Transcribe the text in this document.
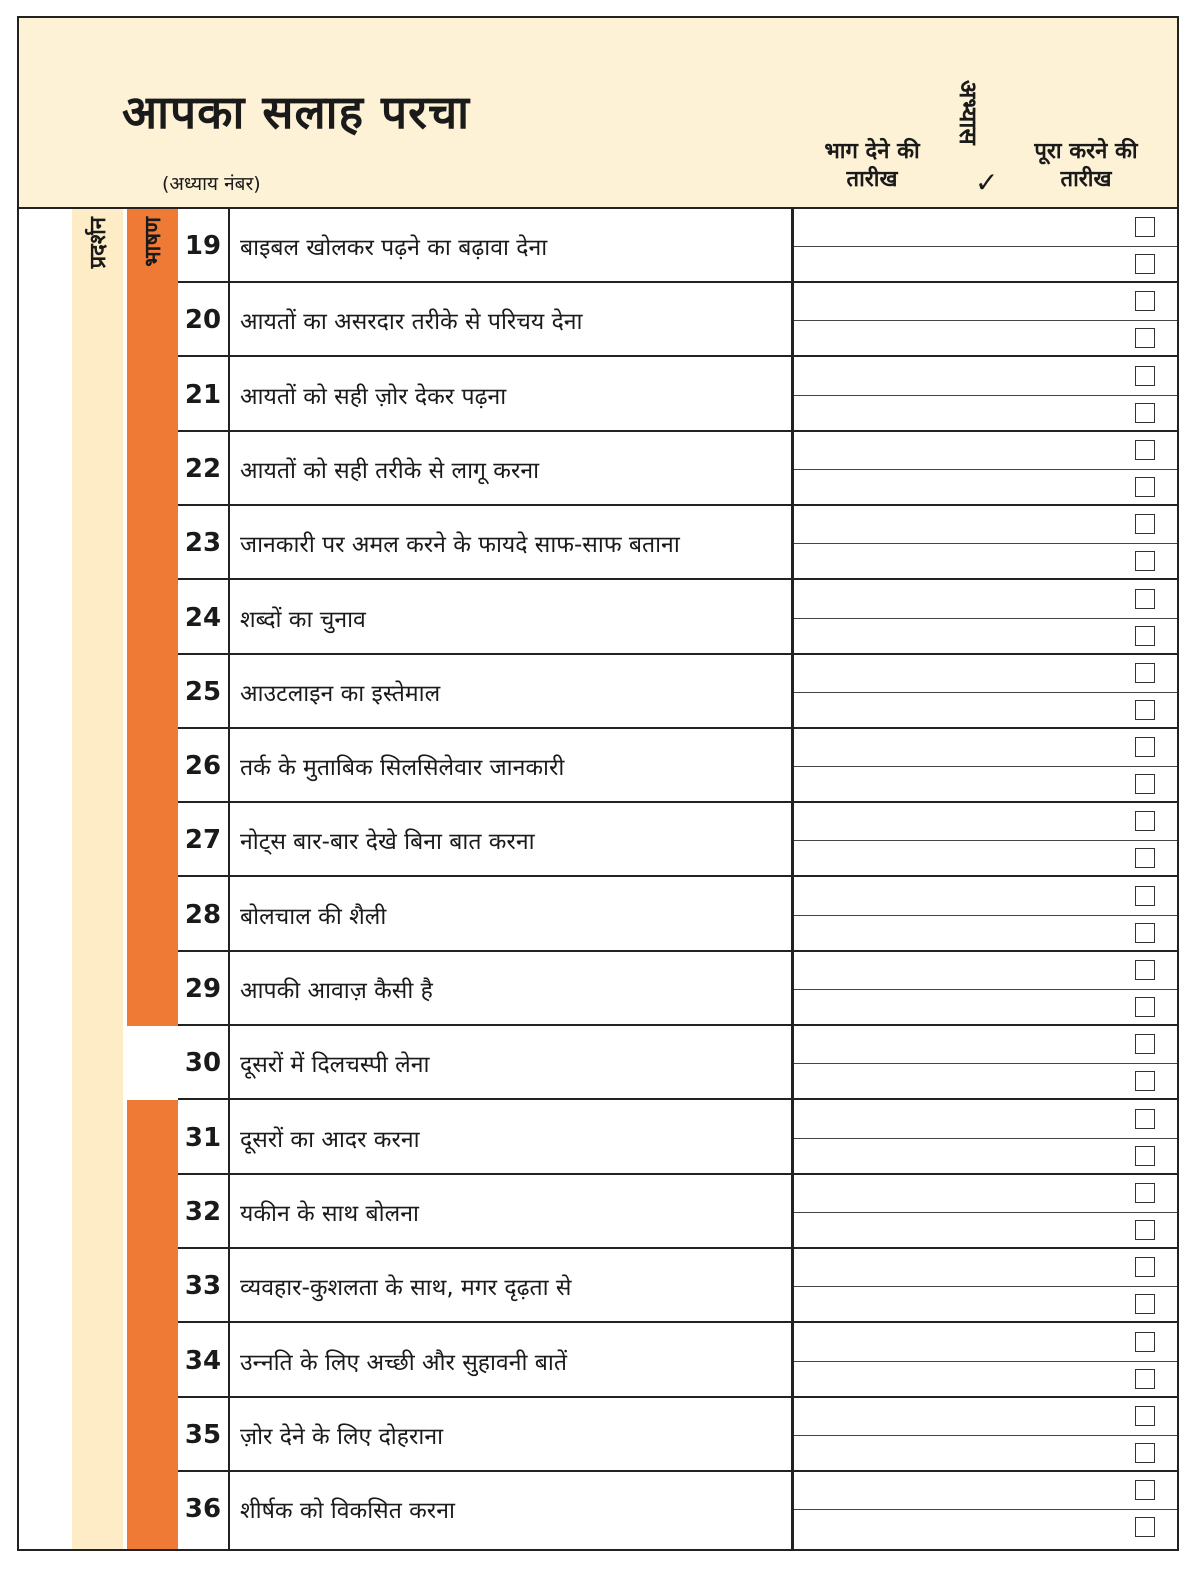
आपका सलाह परचा
(अध्याय नंबर)
भाग देने की
तारीख
अभ्यास
✓
पूरा करने की
तारीख
प्रदर्शन भाषण 19 बाइबल खोलकर पढ़ने का बढ़ावा देना
20 आयतों का असरदार तरीके से परिचय देना
21 आयतों को सही ज़ोर देकर पढ़ना
22 आयतों को सही तरीके से लागू करना
23 जानकारी पर अमल करने के फायदे साफ-साफ बताना
24 शब्दों का चुनाव
25 आउटलाइन का इस्तेमाल
26 तर्क के मुताबिक सिलसिलेवार जानकारी
27 नोट्‌स बार-बार देखे बिना बात करना
28 बोलचाल की शैली
29 आपकी आवाज़ कैसी है
30 दूसरों में दिलचस्पी लेना
31 दूसरों का आदर करना
32 यकीन के साथ बोलना
33 व्यवहार-कुशलता के साथ, मगर दृढ़ता से
34 उन्‍नति के लिए अच्छी और सुहावनी बातें
35 ज़ोर देने के लिए दोहराना
36 शीर्षक को विकसित करना
